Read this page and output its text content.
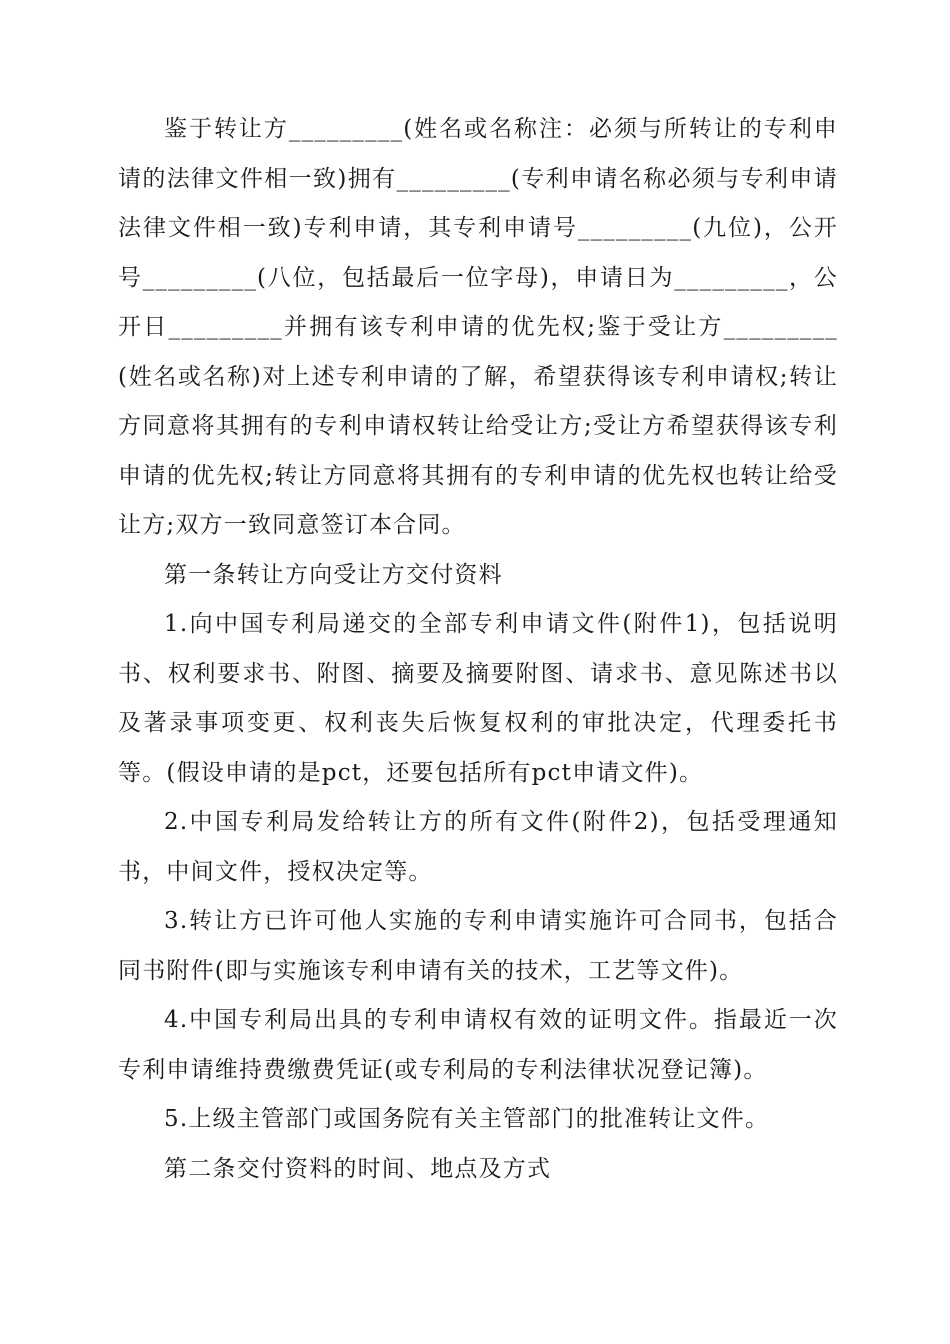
鉴于转让方_________(姓名或名称注：必须与所转让的专利申请的法律文件相一致)拥有_________(专利申请名称必须与专利申请法律文件相一致)专利申请，其专利申请号_________(九位)，公开号_________(八位，包括最后一位字母)，申请日为_________，公开日_________并拥有该专利申请的优先权;鉴于受让方_________(姓名或名称)对上述专利申请的了解，希望获得该专利申请权;转让方同意将其拥有的专利申请权转让给受让方;受让方希望获得该专利申请的优先权;转让方同意将其拥有的专利申请的优先权也转让给受让方;双方一致同意签订本合同。

第一条转让方向受让方交付资料

1.向中国专利局递交的全部专利申请文件(附件1)，包括说明书、权利要求书、附图、摘要及摘要附图、请求书、意见陈述书以及著录事项变更、权利丧失后恢复权利的审批决定，代理委托书等。(假设申请的是pct，还要包括所有pct申请文件)。

2.中国专利局发给转让方的所有文件(附件2)，包括受理通知书，中间文件，授权决定等。

3.转让方已许可他人实施的专利申请实施许可合同书，包括合同书附件(即与实施该专利申请有关的技术，工艺等文件)。

4.中国专利局出具的专利申请权有效的证明文件。指最近一次专利申请维持费缴费凭证(或专利局的专利法律状况登记簿)。

5.上级主管部门或国务院有关主管部门的批准转让文件。

第二条交付资料的时间、地点及方式
